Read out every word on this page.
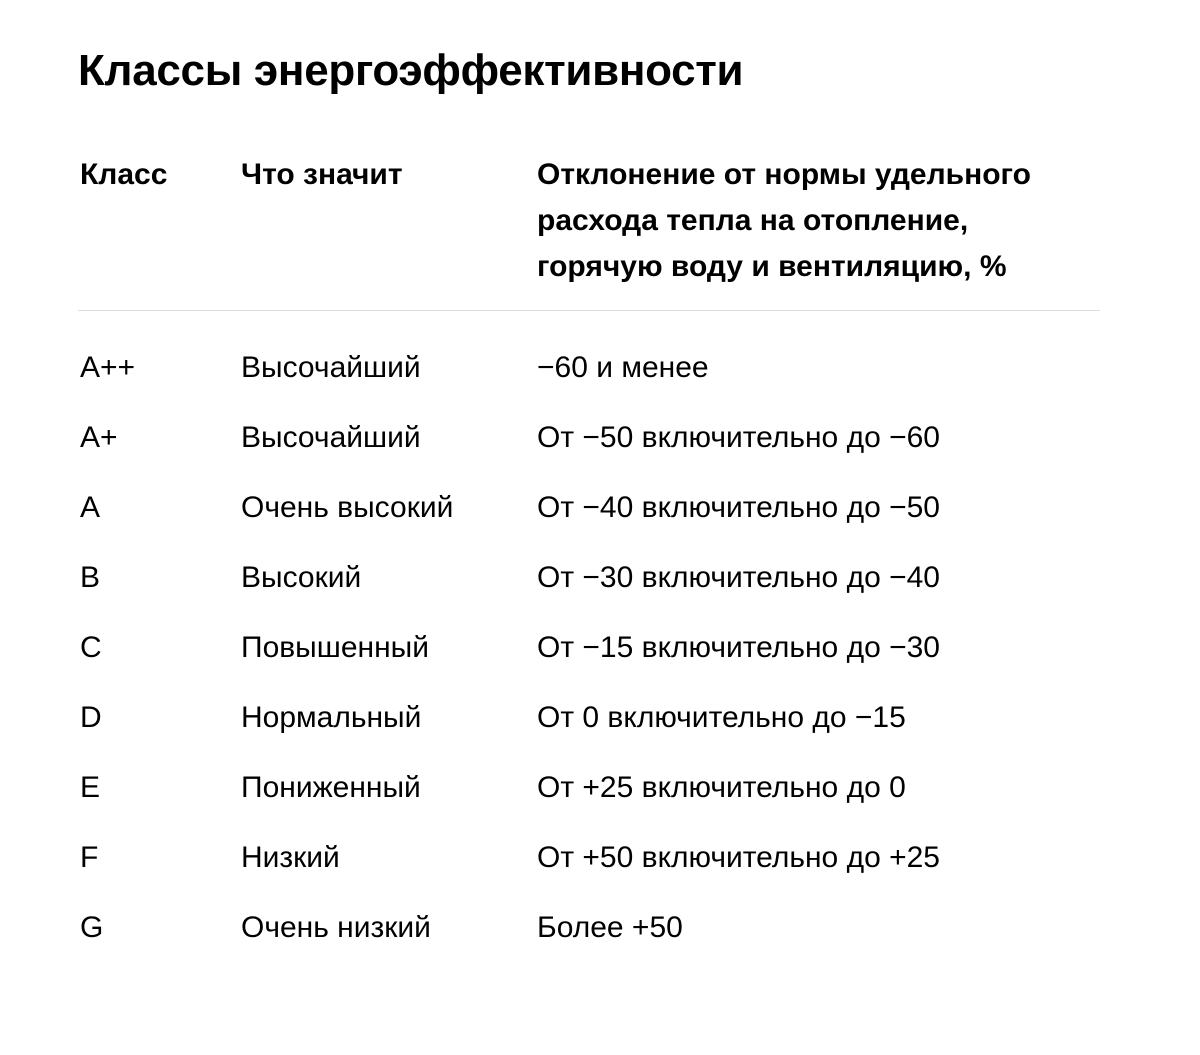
Классы энергоэффективности
Класс	Что значит	Отклонение от нормы удельного расхода тепла на отопление, горячую воду и вентиляцию, %
A++	Высочайший	−60 и менее
A+	Высочайший	От −50 включительно до −60
A	Очень высокий	От −40 включительно до −50
B	Высокий	От −30 включительно до −40
C	Повышенный	От −15 включительно до −30
D	Нормальный	От 0 включительно до −15
E	Пониженный	От +25 включительно до 0
F	Низкий	От +50 включительно до +25
G	Очень низкий	Более +50
